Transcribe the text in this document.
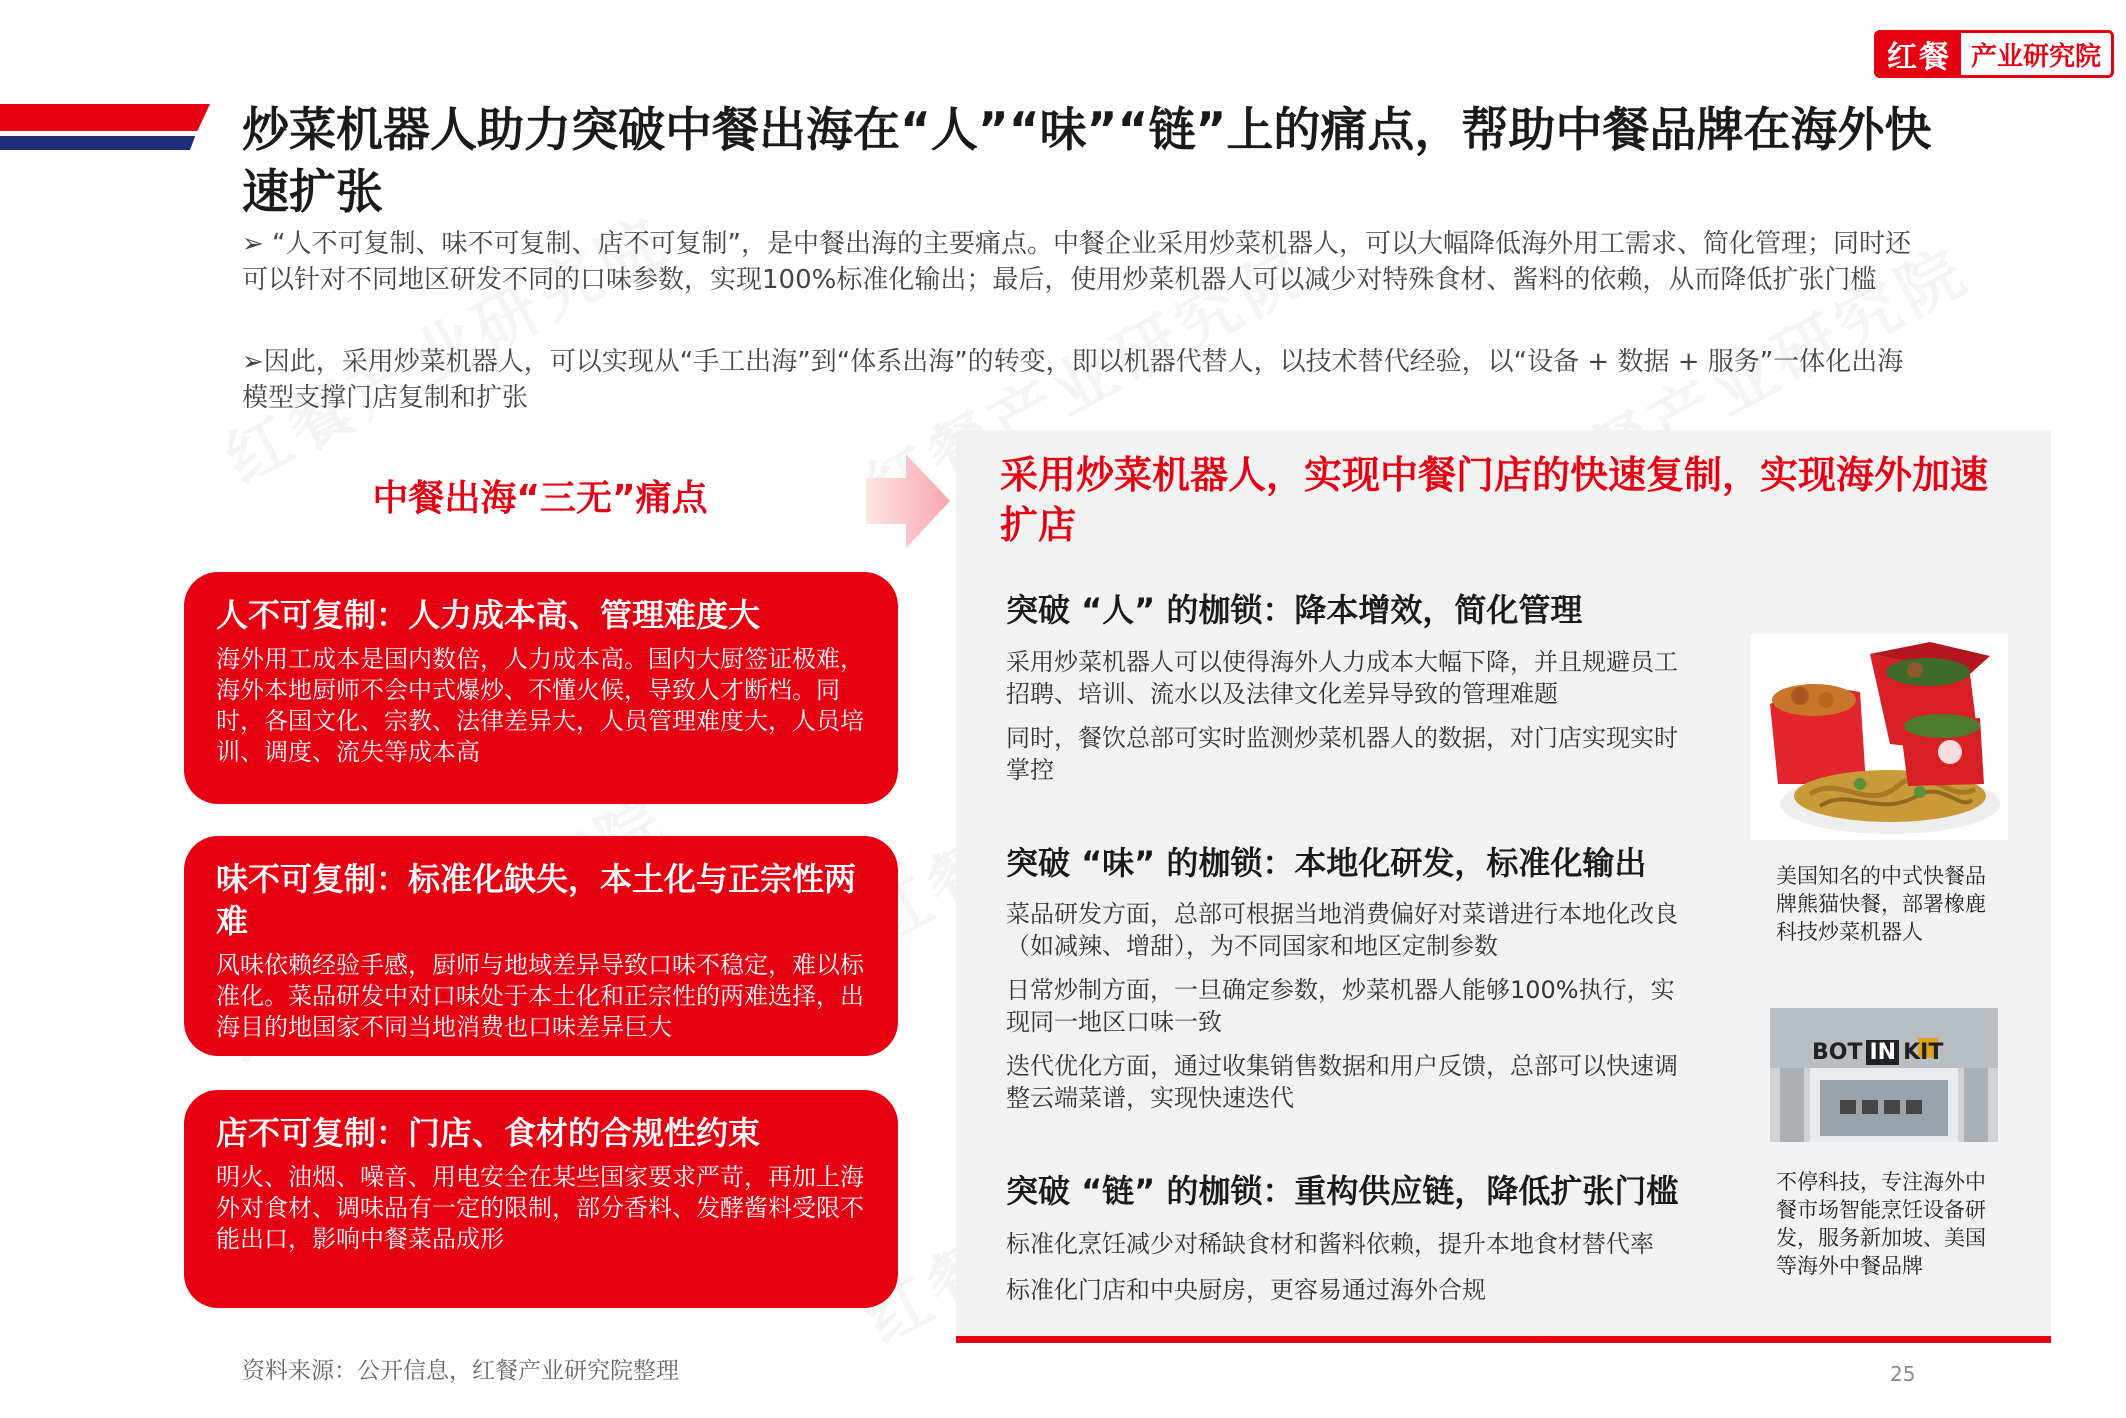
红餐 产业研究院
炒菜机器人助力突破中餐出海在“人”“味”“链”上的痛点，帮助中餐品牌在海外快速扩张
➢ “人不可复制、味不可复制、店不可复制”，是中餐出海的主要痛点。中餐企业采用炒菜机器人，可以大幅降低海外用工需求、简化管理；同时还可以针对不同地区研发不同的口味参数，实现100%标准化输出；最后，使用炒菜机器人可以减少对特殊食材、酱料的依赖，从而降低扩张门槛
➢因此，采用炒菜机器人，可以实现从“手工出海”到“体系出海”的转变，即以机器代替人，以技术替代经验，以“设备 + 数据 + 服务”一体化出海模型支撑门店复制和扩张
中餐出海“三无”痛点
人不可复制：人力成本高、管理难度大

海外用工成本是国内数倍，人力成本高。国内大厨签证极难，海外本地厨师不会中式爆炒、不懂火候，导致人才断档。同时，各国文化、宗教、法律差异大，人员管理难度大，人员培训、调度、流失等成本高

味不可复制：标准化缺失，本土化与正宗性两难

风味依赖经验手感，厨师与地域差异导致口味不稳定，难以标准化。菜品研发中对口味处于本土化和正宗性的两难选择，出海目的地国家不同当地消费也口味差异巨大

店不可复制：门店、食材的合规性约束

明火、油烟、噪音、用电安全在某些国家要求严苛，再加上海外对食材、调味品有一定的限制，部分香料、发酵酱料受限不能出口，影响中餐菜品成形

采用炒菜机器人，实现中餐门店的快速复制，实现海外加速扩店
突破 “人” 的枷锁：降本增效，简化管理
采用炒菜机器人可以使得海外人力成本大幅下降，并且规避员工招聘、培训、流水以及法律文化差异导致的管理难题
同时，餐饮总部可实时监测炒菜机器人的数据，对门店实现实时掌控
突破 “味” 的枷锁：本地化研发，标准化输出
菜品研发方面，总部可根据当地消费偏好对菜谱进行本地化改良（如减辣、增甜），为不同国家和地区定制参数
日常炒制方面，一旦确定参数，炒菜机器人能够100%执行，实现同一地区口味一致
迭代优化方面，通过收集销售数据和用户反馈，总部可以快速调整云端菜谱，实现快速迭代
突破 “链” 的枷锁：重构供应链，降低扩张门槛
标准化烹饪减少对稀缺食材和酱料依赖，提升本地食材替代率
标准化门店和中央厨房，更容易通过海外合规
美国知名的中式快餐品牌熊猫快餐，部署橡鹿科技炒菜机器人
BOT IN KIT
不停科技，专注海外中餐市场智能烹饪设备研发，服务新加坡、美国等海外中餐品牌
资料来源：公开信息，红餐产业研究院整理	25
